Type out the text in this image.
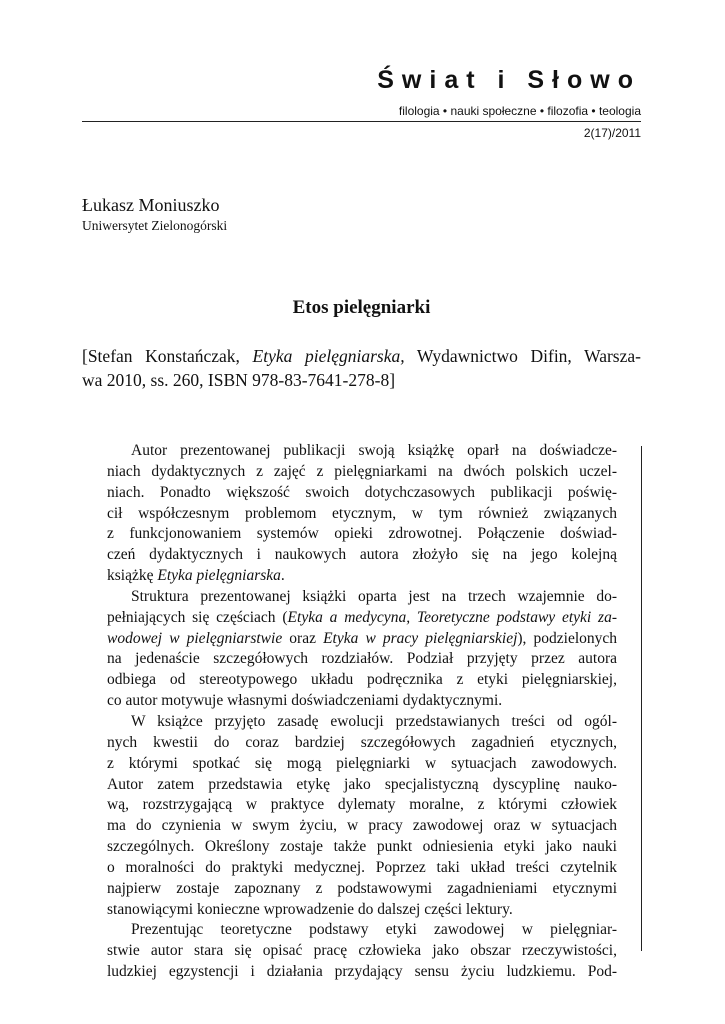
Świat i Słowo
filologia • nauki społeczne • filozofia • teologia
2(17)/2011
Łukasz Moniuszko
Uniwersytet Zielonogórski
Etos pielęgniarki
[Stefan Konstańczak, Etyka pielęgniarska, Wydawnictwo Difin, Warsza-
wa 2010, ss. 260, ISBN 978-83-7641-278-8]
Autor prezentowanej publikacji swoją książkę oparł na doświadcze-
niach dydaktycznych z zajęć z pielęgniarkami na dwóch polskich uczel-
niach. Ponadto większość swoich dotychczasowych publikacji poświę-
cił współczesnym problemom etycznym, w tym również związanych
z funkcjonowaniem systemów opieki zdrowotnej. Połączenie doświad-
czeń dydaktycznych i naukowych autora złożyło się na jego kolejną
książkę Etyka pielęgniarska.
Struktura prezentowanej książki oparta jest na trzech wzajemnie do-
pełniających się częściach (Etyka a medycyna, Teoretyczne podstawy etyki za-
wodowej w pielęgniarstwie oraz Etyka w pracy pielęgniarskiej), podzielonych
na jedenaście szczegółowych rozdziałów. Podział przyjęty przez autora
odbiega od stereotypowego układu podręcznika z etyki pielęgniarskiej,
co autor motywuje własnymi doświadczeniami dydaktycznymi.
W książce przyjęto zasadę ewolucji przedstawianych treści od ogól-
nych kwestii do coraz bardziej szczegółowych zagadnień etycznych,
z którymi spotkać się mogą pielęgniarki w sytuacjach zawodowych.
Autor zatem przedstawia etykę jako specjalistyczną dyscyplinę nauko-
wą, rozstrzygającą w praktyce dylematy moralne, z którymi człowiek
ma do czynienia w swym życiu, w pracy zawodowej oraz w sytuacjach
szczególnych. Określony zostaje także punkt odniesienia etyki jako nauki
o moralności do praktyki medycznej. Poprzez taki układ treści czytelnik
najpierw zostaje zapoznany z podstawowymi zagadnieniami etycznymi
stanowiącymi konieczne wprowadzenie do dalszej części lektury.
Prezentując teoretyczne podstawy etyki zawodowej w pielęgniar-
stwie autor stara się opisać pracę człowieka jako obszar rzeczywistości,
ludzkiej egzystencji i działania przydający sensu życiu ludzkiemu. Pod-
